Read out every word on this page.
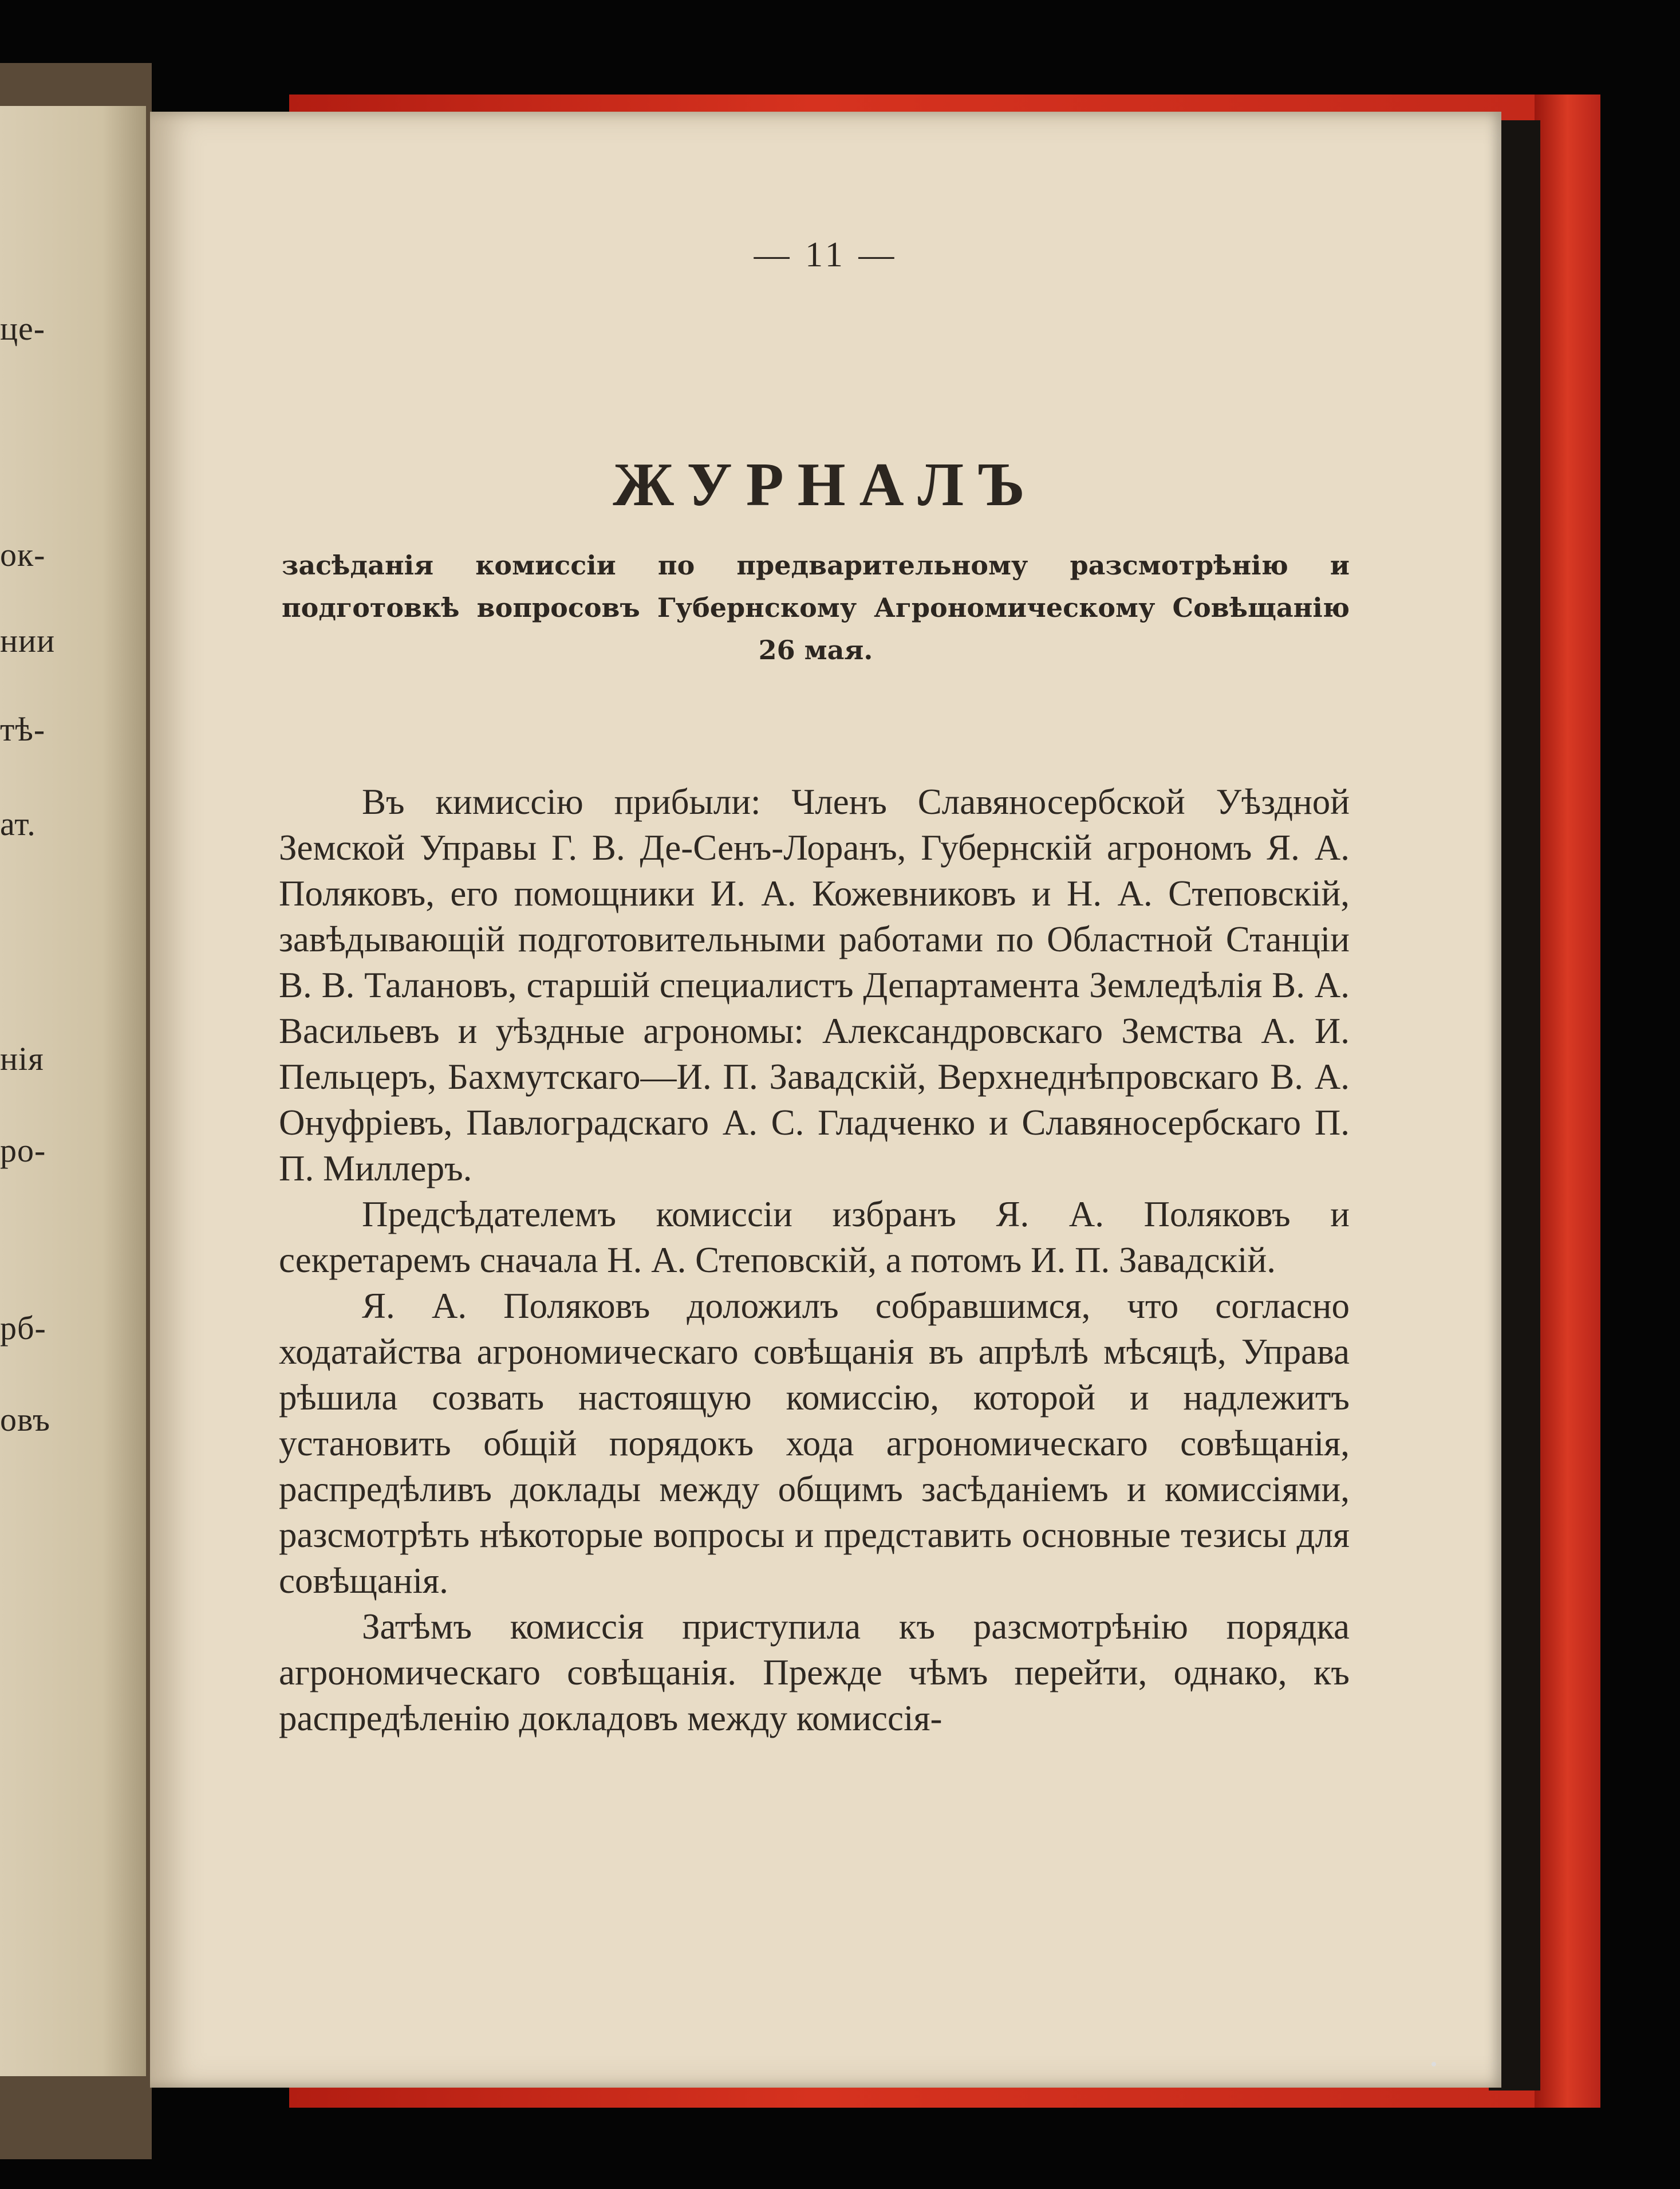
це-
ок-
нии
тѣ-
ат.
нія
ро-
рб-
овъ
— 11 —
ЖУРНАЛЪ
засѣданія комиссіи по предварительному разсмотрѣнію и подготовкѣ вопросовъ Губернскому Агрономическому Совѣщанію 26 мая.

Въ кимиссію прибыли: Членъ Славяносербской Уѣздной Земской Управы Г. В. Де-Сенъ-Лоранъ, Губернскій агрономъ Я. А. Поляковъ, его помощники И. А. Кожевниковъ и Н. А. Степовскій, завѣдывающій подготовительными работами по Областной Станціи В. В. Талановъ, старшій специалистъ Департамента Земледѣлія В. А. Васильевъ и уѣздные агрономы: Александровскаго Земства А. И. Пельцеръ, Бахмутскаго—И. П. Завадскій, Верхнеднѣпровскаго В. А. Онуфріевъ, Павлоградскаго А. С. Гладченко и Славяносербскаго П. П. Миллеръ.

Предсѣдателемъ комиссіи избранъ Я. А. Поляковъ и секретаремъ сначала Н. А. Степовскій, а потомъ И. П. Завадскій.

Я. А. Поляковъ доложилъ собравшимся, что согласно ходатайства агрономическаго совѣщанія въ апрѣлѣ мѣсяцѣ, Управа рѣшила созвать настоящую комиссію, которой и надлежитъ установить общій порядокъ хода агрономическаго совѣщанія, распредѣливъ доклады между общимъ засѣданіемъ и комиссіями, разсмотрѣть нѣкоторые вопросы и представить основные тезисы для совѣщанія.

Затѣмъ комиссія приступила къ разсмотрѣнію порядка агрономическаго совѣщанія. Прежде чѣмъ перейти, однако, къ распредѣленію докладовъ между комиссія-
